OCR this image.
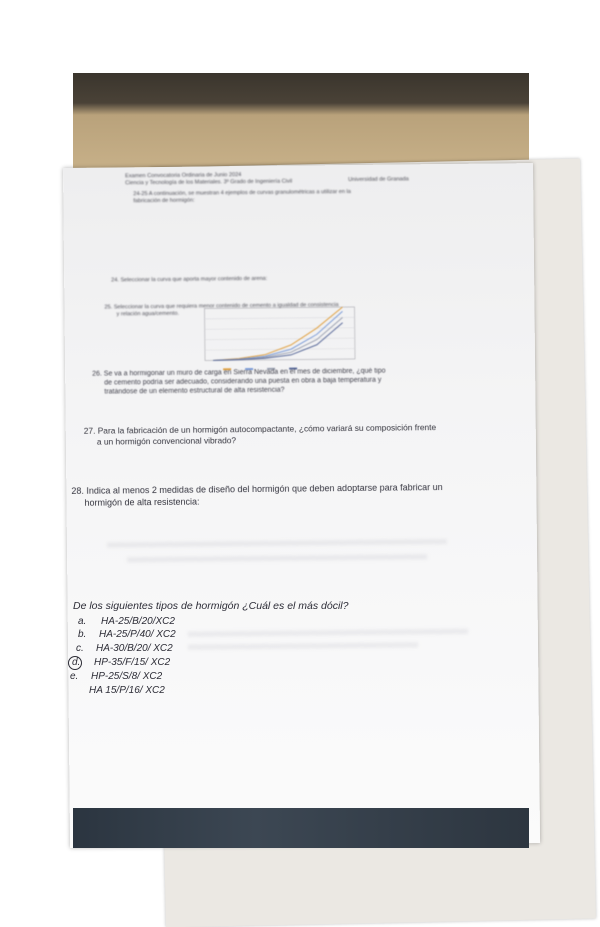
Examen Convocatoria Ordinaria de Junio 2024
Ciencia y Tecnología de los Materiales. 3º Grado de Ingeniería Civil	Universidad de Granada
24-25 A continuación, se muestran 4 ejemplos de curvas granulométricas a utilizar en la
fabricación de hormigón:
24. Seleccionar la curva que aporta mayor contenido de arena:
25. Seleccionar la curva que requiera menor contenido de cemento a igualdad de consistencia
y relación agua/cemento.
26. Se va a hormigonar un muro de carga en Sierra Nevada en el mes de diciembre, ¿qué tipo
de cemento podría ser adecuado, considerando una puesta en obra a baja temperatura y
tratándose de un elemento estructural de alta resistencia?
27. Para la fabricación de un hormigón autocompactante, ¿cómo variará su composición frente
a un hormigón convencional vibrado?
28. Indica al menos 2 medidas de diseño del hormigón que deben adoptarse para fabricar un
hormigón de alta resistencia:
De los siguientes tipos de hormigón ¿Cuál es el más dócil?
a. HA-25/B/20/XC2
b. HA-25/P/40/ XC2
c. HA-30/B/20/ XC2
d. HP-35/F/15/ XC2
e. HP-25/S/8/ XC2
HA 15/P/16/ XC2
